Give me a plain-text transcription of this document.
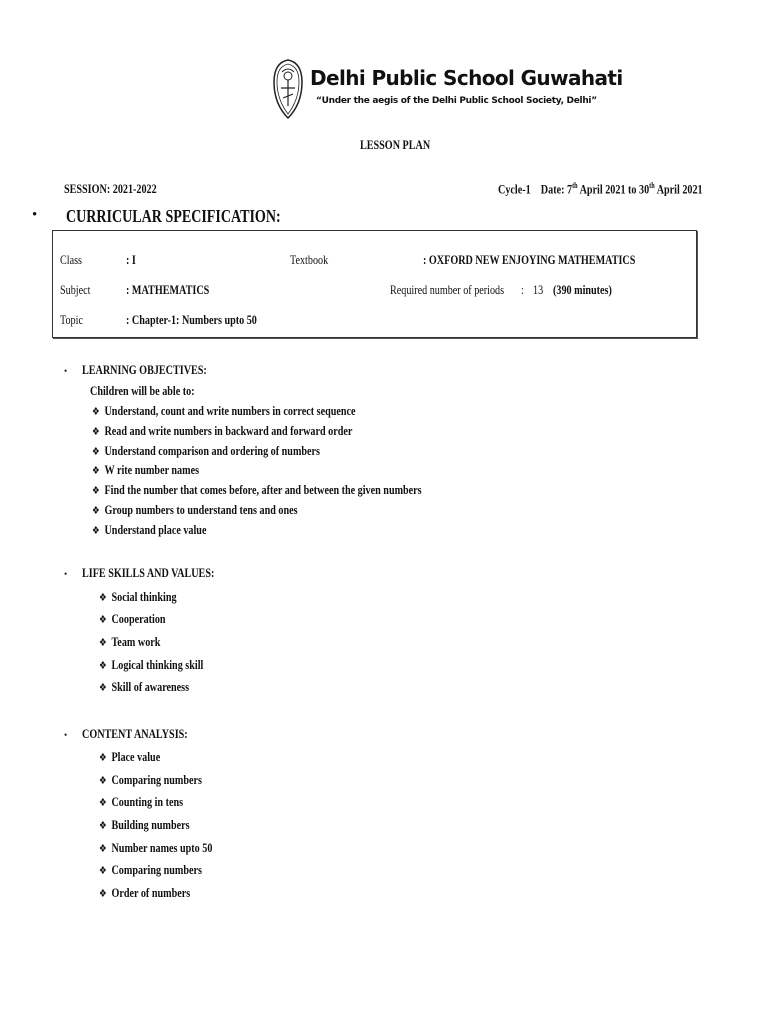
Delhi Public School Guwahati
“Under the aegis of the Delhi Public School Society, Delhi”
LESSON PLAN
SESSION: 2021-2022	Cycle-1 Date: 7th April 2021 to 30th April 2021
• CURRICULAR SPECIFICATION:
Class	: I	Textbook	: OXFORD NEW ENJOYING MATHEMATICS
Subject	: MATHEMATICS	Required number of periods	: 13 (390 minutes)
Topic	: Chapter-1: Numbers upto 50
• LEARNING OBJECTIVES:
Children will be able to:
❖ Understand, count and write numbers in correct sequence
❖ Read and write numbers in backward and forward order
❖ Understand comparison and ordering of numbers
❖ W rite number names
❖ Find the number that comes before, after and between the given numbers
❖ Group numbers to understand tens and ones
❖ Understand place value
• LIFE SKILLS AND VALUES:
❖ Social thinking
❖ Cooperation
❖ Team work
❖ Logical thinking skill
❖ Skill of awareness
• CONTENT ANALYSIS:
❖ Place value
❖ Comparing numbers
❖ Counting in tens
❖ Building numbers
❖ Number names upto 50
❖ Comparing numbers
❖ Order of numbers
